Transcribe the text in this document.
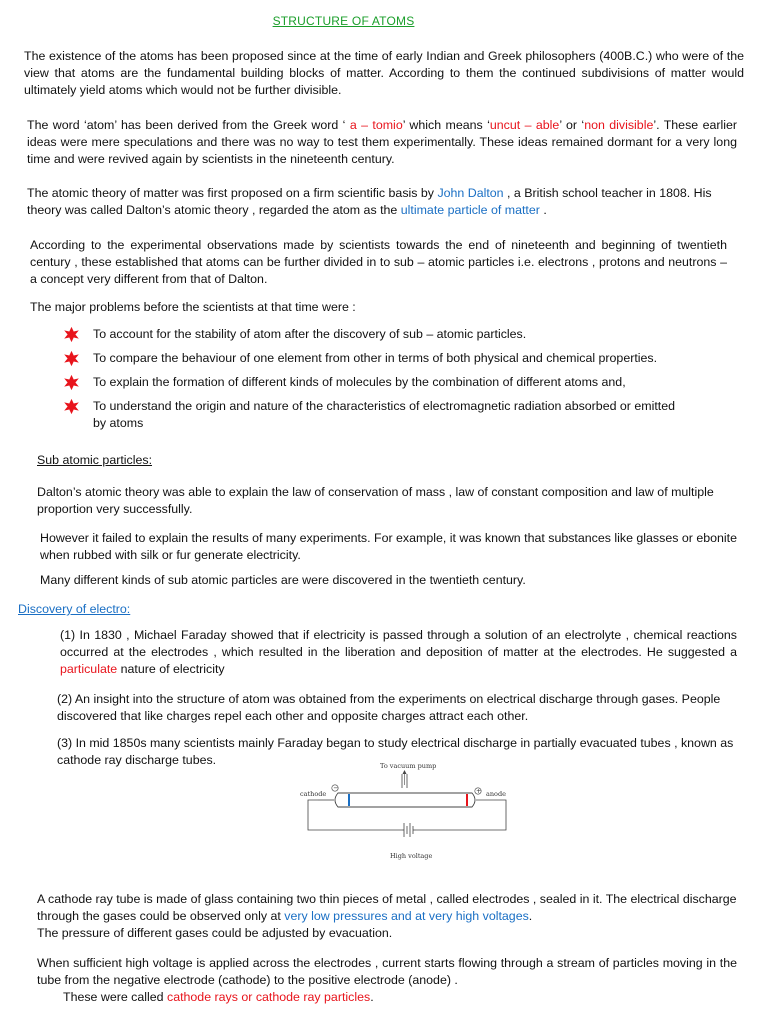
STRUCTURE OF ATOMS

The existence of the atoms has been proposed since at the time of early Indian and Greek philosophers (400B.C.) who were of the view that atoms are the fundamental building blocks of matter. According to them the continued subdivisions of matter would ultimately yield atoms which would not be further divisible.

The word ‘atom’ has been derived from the Greek word ‘ a – tomio’ which means ‘uncut – able’ or ‘non divisible’. These earlier ideas were mere speculations and there was no way to test them experimentally. These ideas remained dormant for a very long time and were revived again by scientists in the nineteenth century.

The atomic theory of matter was first proposed on a firm scientific basis by John Dalton , a British school teacher in 1808. His theory was called Dalton’s atomic theory , regarded the atom as the ultimate particle of matter .

According to the experimental observations made by scientists towards the end of nineteenth and beginning of twentieth century , these established that atoms can be further divided in to sub – atomic particles i.e. electrons , protons and neutrons – a concept very different from that of Dalton.

The major problems before the scientists at that time were :

To account for the stability of atom after the discovery of sub – atomic particles.
To compare the behaviour of one element from other in terms of both physical and chemical properties.
To explain the formation of different kinds of molecules by the combination of different atoms and,
To understand the origin and nature of the characteristics of electromagnetic radiation absorbed or emitted by atoms
Sub atomic particles:

Dalton’s atomic theory was able to explain the law of conservation of mass , law of constant composition and law of multiple proportion very successfully.

However it failed to explain the results of many experiments. For example, it was known that substances like glasses or ebonite when rubbed with silk or fur generate electricity.

Many different kinds of sub atomic particles are were discovered in the twentieth century.

Discovery of electro:

(1) In 1830 , Michael Faraday showed that if electricity is passed through a solution of an electrolyte , chemical reactions occurred at the electrodes , which resulted in the liberation and deposition of matter at the electrodes. He suggested a particulate nature of electricity

(2) An insight into the structure of atom was obtained from the experiments on electrical discharge through gases. People discovered that like charges repel each other and opposite charges attract each other.

(3) In mid 1850s many scientists mainly Faraday began to study electrical discharge in partially evacuated tubes , known as cathode ray discharge tubes.	To vacuum pump
cathode	anode
−	+
High voltage

A cathode ray tube is made of glass containing two thin pieces of metal , called electrodes , sealed in it. The electrical discharge through the gases could be observed only at very low pressures and at very high voltages.
The pressure of different gases could be adjusted by evacuation.

When sufficient high voltage is applied across the electrodes , current starts flowing through a stream of particles moving in the tube from the negative electrode (cathode) to the positive electrode (anode) .

These were called cathode rays or cathode ray particles.
